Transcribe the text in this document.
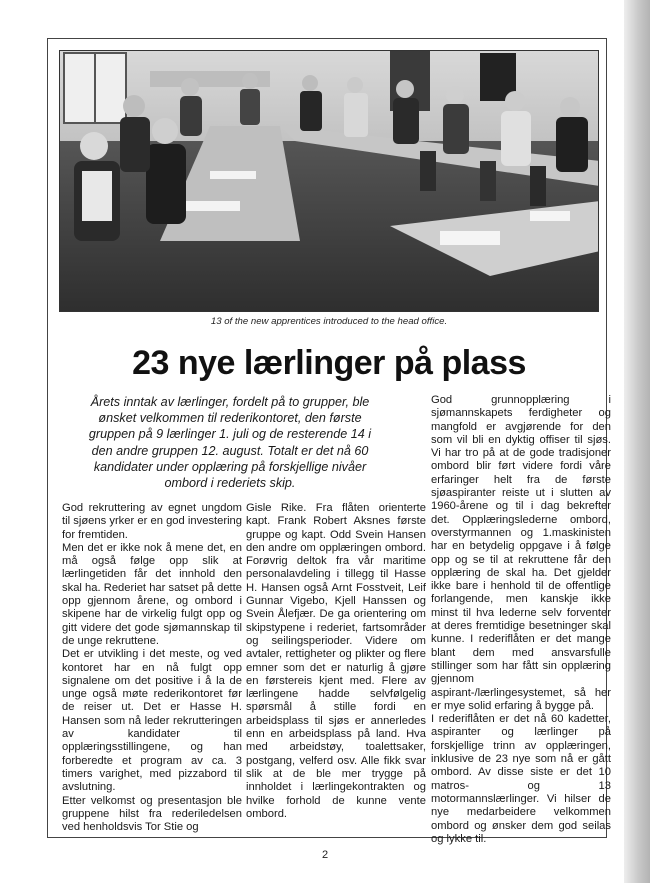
13 of the new apprentices introduced to the head office.
23 nye lærlinger på plass
Årets inntak av lærlinger, fordelt på to grupper, ble ønsket velkommen til rederikontoret, den første gruppen på 9 lærlinger 1. juli og de resterende 14 i den andre gruppen 12. august. Totalt er det nå 60 kandidater under opplæring på forskjellige nivåer ombord i rederiets skip.

God rekruttering av egnet ungdom til sjøens yrker er en god investering for fremtiden.

Men det er ikke nok å mene det, en må også følge opp slik at lærlingetiden får det innhold den skal ha. Rederiet har satset på dette opp gjennom årene, og ombord i skipene har de virkelig fulgt opp og gitt videre det gode sjømannskap til de unge rekruttene.

Det er utvikling i det meste, og ved kontoret har en nå fulgt opp signalene om det positive i å la de unge også møte rederikontoret før de reiser ut. Det er Hasse H. Hansen som nå leder rekrutteringen av kandidater til opplæringsstillingene, og han forberedte et program av ca. 3 timers varighet, med pizzabord til avslutning.

Etter velkomst og presentasjon ble gruppene hilst fra rederiledelsen ved henholdsvis Tor Stie og

Gisle Rike. Fra flåten orienterte kapt. Frank Robert Aksnes første gruppe og kapt. Odd Svein Hansen den andre om opplæringen ombord. Forøvrig deltok fra vår maritime personalavdeling i tillegg til Hasse H. Hansen også Arnt Fosstveit, Leif Gunnar Vigebo, Kjell Hanssen og Svein Ålefjær. De ga orientering om skipstypene i rederiet, fartsområder og seilingsperioder. Videre om avtaler, rettigheter og plikter og flere emner som det er naturlig å gjøre en førstereis kjent med. Flere av lærlingene hadde selvfølgelig spørsmål å stille fordi en arbeidsplass til sjøs er annerledes enn en arbeidsplass på land. Hva med arbeidstøy, toalettsaker, postgang, velferd osv. Alle fikk svar slik at de ble mer trygge på innholdet i lærlingekontrakten og hvilke forhold de kunne vente ombord.

God grunnopplæring i sjømannskapets ferdigheter og mangfold er avgjørende for den som vil bli en dyktig offiser til sjøs. Vi har tro på at de gode tradisjoner ombord blir ført videre fordi våre erfaringer helt fra de første sjøaspiranter reiste ut i slutten av 1960-årene og til i dag bekrefter det. Opplæringslederne ombord, overstyrmannen og 1.maskinisten har en betydelig oppgave i å følge opp og se til at rekruttene får den opplæring de skal ha. Det gjelder ikke bare i henhold til de offentlige forlangende, men kanskje ikke minst til hva lederne selv forventer at deres fremtidige besetninger skal kunne. I rederiflåten er det mange blant dem med ansvarsfulle stillinger som har fått sin opplæring gjennom aspirant-/lærlingesystemet, så her er mye solid erfaring å bygge på.

I rederiflåten er det nå 60 kadetter, aspiranter og lærlinger på forskjellige trinn av opplæringen, inklusive de 23 nye som nå er gått ombord. Av disse siste er det 10 matros- og 13 motormannslærlinger. Vi hilser de nye medarbeidere velkommen ombord og ønsker dem god seilas og lykke til.

2
